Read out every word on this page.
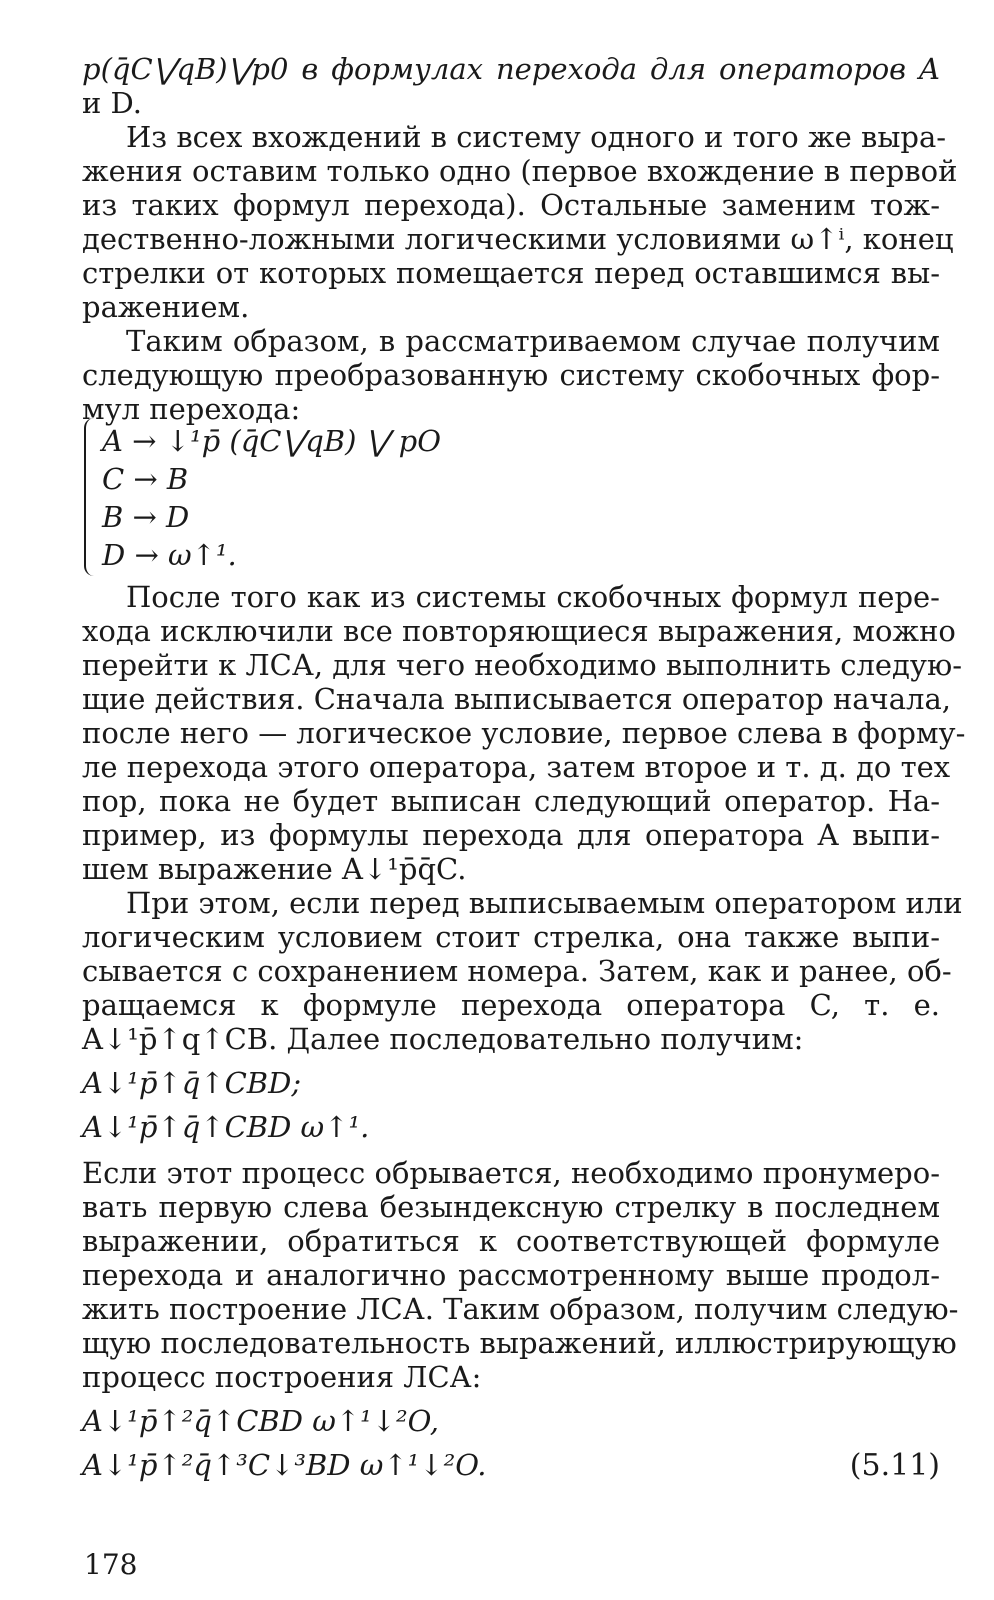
p(q̄C⋁qB)⋁p0 в формулах перехода для операторов A
и D.
Из всех вхождений в систему одного и того же выра-
жения оставим только одно (первое вхождение в первой
из таких формул перехода). Остальные заменим тож-
дественно-ложными логическими условиями ω↑ⁱ, конец
стрелки от которых помещается перед оставшимся вы-
ражением.
Таким образом, в рассматриваемом случае получим
следующую преобразованную систему скобочных фор-
мул перехода:
A → ↓¹p̄ (q̄C⋁qB) ⋁ pO
C → B
B → D
D → ω↑¹.
После того как из системы скобочных формул пере-
хода исключили все повторяющиеся выражения, можно
перейти к ЛСА, для чего необходимо выполнить следую-
щие действия. Сначала выписывается оператор начала,
после него — логическое условие, первое слева в форму-
ле перехода этого оператора, затем второе и т. д. до тех
пор, пока не будет выписан следующий оператор. На-
пример, из формулы перехода для оператора A выпи-
шем выражение A↓¹p̄q̄C.
При этом, если перед выписываемым оператором или
логическим условием стоит стрелка, она также выпи-
сывается с сохранением номера. Затем, как и ранее, об-
ращаемся к формуле перехода оператора C, т. е.
A↓¹p̄↑q↑CB. Далее последовательно получим:
A↓¹p̄↑q̄↑CBD;
A↓¹p̄↑q̄↑CBD ω↑¹.
Если этот процесс обрывается, необходимо пронумеро-
вать первую слева безындексную стрелку в последнем
выражении, обратиться к соответствующей формуле
перехода и аналогично рассмотренному выше продол-
жить построение ЛСА. Таким образом, получим следую-
щую последовательность выражений, иллюстрирующую
процесс построения ЛСА:
A↓¹p̄↑²q̄↑CBD ω↑¹↓²O,
A↓¹p̄↑²q̄↑³C↓³BD ω↑¹↓²O.	(5.11)
178
